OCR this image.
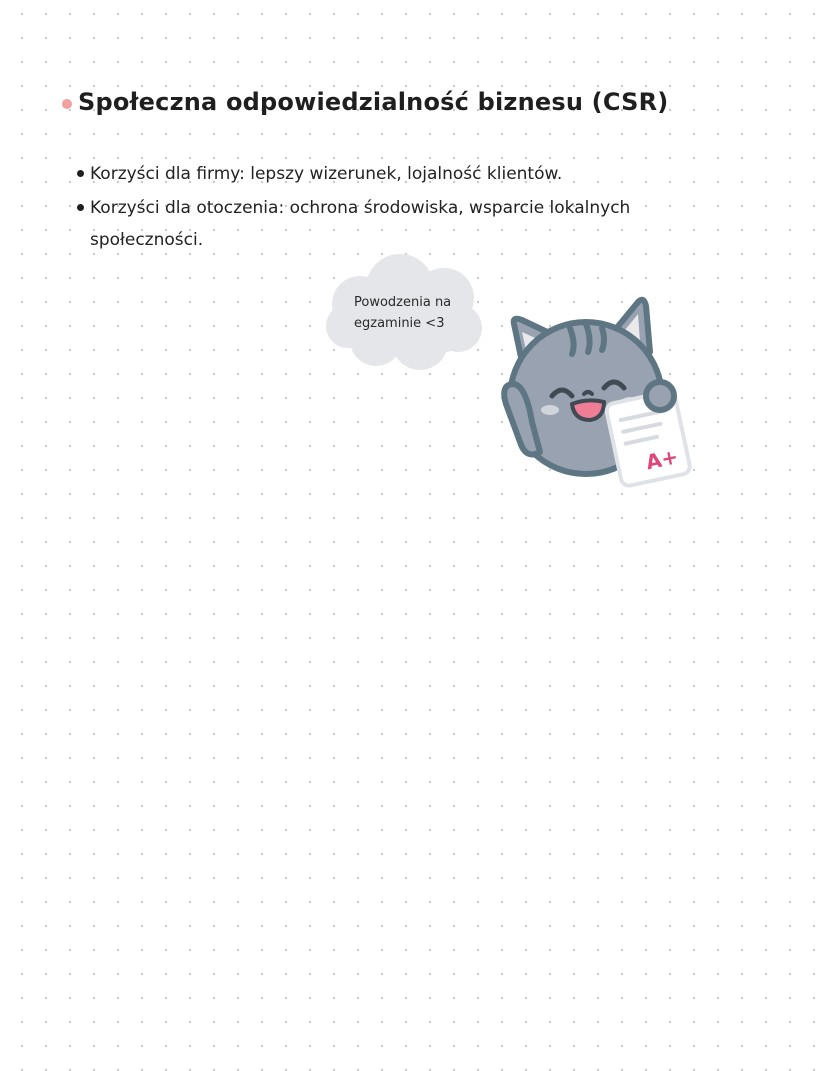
Społeczna odpowiedzialność biznesu (CSR)
Korzyści dla firmy: lepszy wizerunek, lojalność klientów.
Korzyści dla otoczenia: ochrona środowiska, wsparcie lokalnych społeczności.
Powodzenia na egzaminie <3
A+
